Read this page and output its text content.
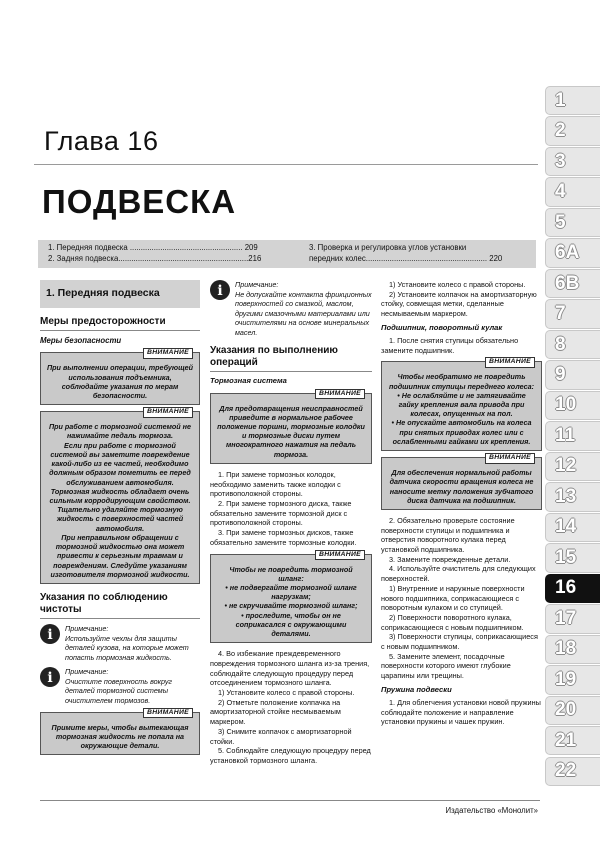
Глава 16
ПОДВЕСКА
1. Передняя подвеска .................................................... 209
2. Задняя подвеска............................................................216
3. Проверка и регулировка углов установки
передних колес........................................................ 220
1
2
3
4
5
6A
6B
7
8
9
10
11
12
13
14
15
16
17
18
19
20
21
22
1. Передняя подвеска
Меры предосторожности
Меры безопасности
ВНИМАНИЕ
При выполнении операции, требующей использования подъемника, соблюдайте указания по мерам безопасности.
ВНИМАНИЕ
При работе с тормозной системой не нажимайте педаль тормоза.
Если при работе с тормозной системой вы заметите повреждение какой-либо из ее частей, необходимо должным образом пометить ее перед обслуживанием автомобиля.
Тормозная жидкость обладает очень сильным корродирующим свойством. Тщательно удаляйте тормозную жидкость с поверхностей частей автомобиля.
При неправильном обращении с тормозной жидкостью она может привести к серьезным травмам и повреждениям. Следуйте указаниям изготовителя тормозной жидкости.
Указания по соблюдению чистоты
i
Примечание:
Используйте чехлы для защиты деталей кузова, на которые может попасть тормозная жидкость.
i
Примечание:
Очистите поверхность вокруг деталей тормозной системы очистителем тормозов.
ВНИМАНИЕ
Примите меры, чтобы вытекающая тормозная жидкость не попала на окружающие детали.
i
Примечание:
Не допускайте контакта фрикционных поверхностей со смазкой, маслом, другими смазочными материалами или очистителями на основе минеральных масел.
Указания по выполнению операций
Тормозная система
ВНИМАНИЕ
Для предотвращения неисправностей приведите в нормальное рабочее положение поршни, тормозные колодки и тормозные диски путем многократного нажатия на педаль тормоза.

1. При замене тормозных колодок, необходимо заменить также колодки с противоположной стороны.

2. При замене тормозного диска, также обязательно замените тормозной диск с противоположной стороны.

3. При замене тормозных дисков, также обязательно замените тормозные колодки.

ВНИМАНИЕ
Чтобы не повредить тормозной шланг:
• не подвергайте тормозной шланг нагрузкам;
• не скручивайте тормозной шланг;
• проследите, чтобы он не соприкасался с окружающими деталями.

4. Во избежание преждевременного повреждения тормозного шланга из-за трения, соблюдайте следующую процедуру перед отсоединением тормозного шланга.

1) Установите колесо с правой стороны.

2) Отметьте положение колпачка на амортизаторной стойке несмываемым маркером.

3) Снимите колпачок с амортизаторной стойки.

5. Соблюдайте следующую процедуру перед установкой тормозного шланга.

1) Установите колесо с правой стороны.

2) Установите колпачок на амортизаторную стойку, совмещая метки, сделанные несмываемым маркером.

Подшипник, поворотный кулак

1. После снятия ступицы обязательно замените подшипник.

ВНИМАНИЕ
Чтобы необратимо не повредить подшипник ступицы переднего колеса:
• Не ослабляйте и не затягивайте гайку крепления вала привода при колесах, опущенных на пол.
• Не опускайте автомобиль на колеса при снятых приводах колес или с ослабленными гайками их крепления.
ВНИМАНИЕ
Для обеспечения нормальной работы датчика скорости вращения колеса не наносите метку положения зубчатого диска датчика на подшипник.

2. Обязательно проверьте состояние поверхности ступицы и подшипника и отверстия поворотного кулака перед установкой подшипника.

3. Замените поврежденные детали.

4. Используйте очиститель для следующих поверхностей.

1) Внутренние и наружные поверхности нового подшипника, соприкасающиеся с поворотным кулаком и со ступицей.

2) Поверхности поворотного кулака, соприкасающиеся с новым подшипником.

3) Поверхности ступицы, соприкасающиеся с новым подшипником.

5. Замените элемент, посадочные поверхности которого имеют глубокие царапины или трещины.

Пружина подвески

1. Для облегчения установки новой пружины соблюдайте положение и направление установки пружины и чашек пружин.

Издательство «Монолит»
